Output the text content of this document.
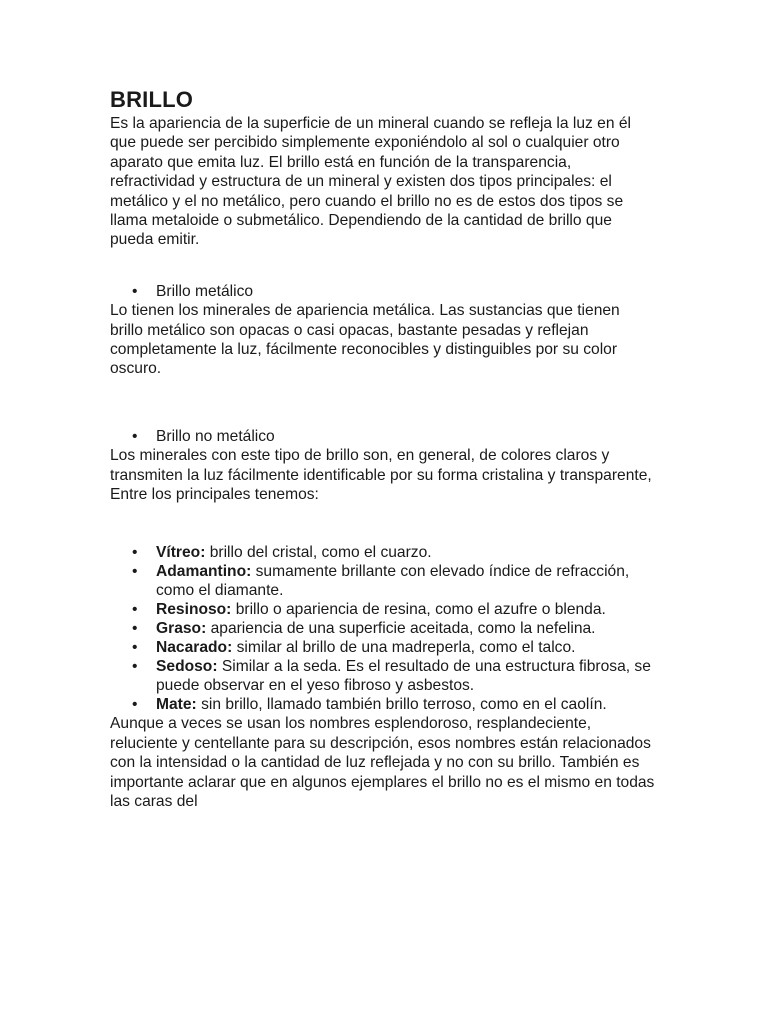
BRILLO

Es la apariencia de la superficie de un mineral cuando se refleja la luz en él que puede ser percibido simplemente exponiéndolo al sol o cualquier otro aparato que emita luz. El brillo está en función de la transparencia, refractividad y estructura de un mineral y existen dos tipos principales: el metálico y el no metálico, pero cuando el brillo no es de estos dos tipos se llama metaloide o submetálico. Dependiendo de la cantidad de brillo que pueda emitir.

• Brillo metálico

Lo tienen los minerales de apariencia metálica. Las sustancias que tienen brillo metálico son opacas o casi opacas, bastante pesadas y reflejan completamente la luz, fácilmente reconocibles y distinguibles por su color oscuro.

• Brillo no metálico

Los minerales con este tipo de brillo son, en general, de colores claros y transmiten la luz fácilmente identificable por su forma cristalina y transparente, Entre los principales tenemos:

• Vítreo: brillo del cristal, como el cuarzo.
• Adamantino: sumamente brillante con elevado índice de refracción, como el diamante.
• Resinoso: brillo o apariencia de resina, como el azufre o blenda.
• Graso: apariencia de una superficie aceitada, como la nefelina.
• Nacarado: similar al brillo de una madreperla, como el talco.
• Sedoso: Similar a la seda. Es el resultado de una estructura fibrosa, se puede observar en el yeso fibroso y asbestos.
• Mate: sin brillo, llamado también brillo terroso, como en el caolín.

Aunque a veces se usan los nombres esplendoroso, resplandeciente, reluciente y centellante para su descripción, esos nombres están relacionados con la intensidad o la cantidad de luz reflejada y no con su brillo. También es importante aclarar que en algunos ejemplares el brillo no es el mismo en todas las caras del
